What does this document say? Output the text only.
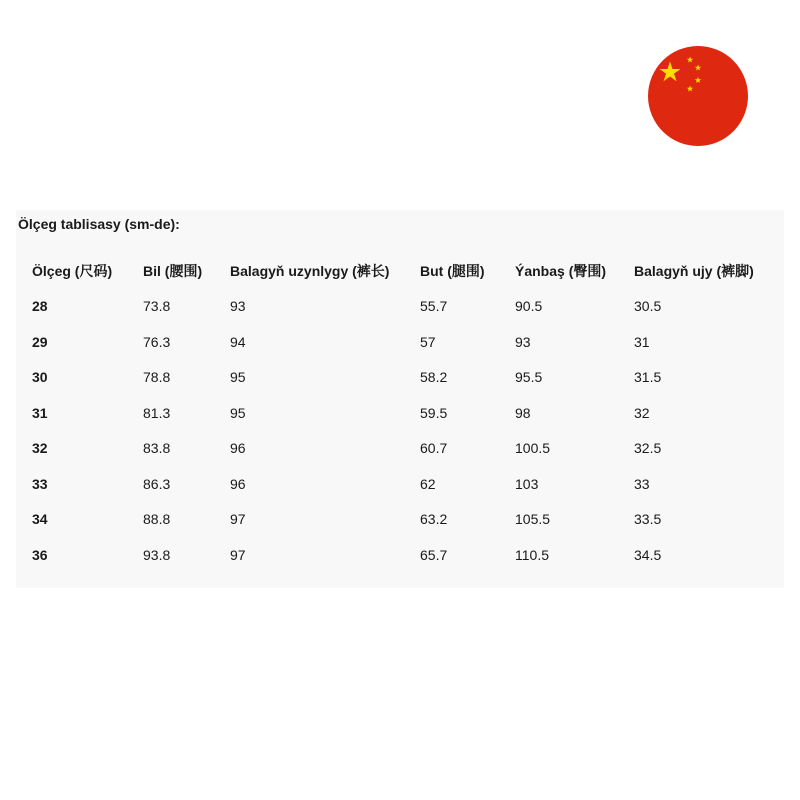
Ölçeg tablisasy (sm-de):
Ölçeg (尺码)	Bil (腰围)	Balagyň uzynlygy (裤长)	But (腿围)	Ýanbaş (臀围)	Balagyň ujy (裤脚)
28	73.8	93	55.7	90.5	30.5
29	76.3	94	57	93	31
30	78.8	95	58.2	95.5	31.5
31	81.3	95	59.5	98	32
32	83.8	96	60.7	100.5	32.5
33	86.3	96	62	103	33
34	88.8	97	63.2	105.5	33.5
36	93.8	97	65.7	110.5	34.5
